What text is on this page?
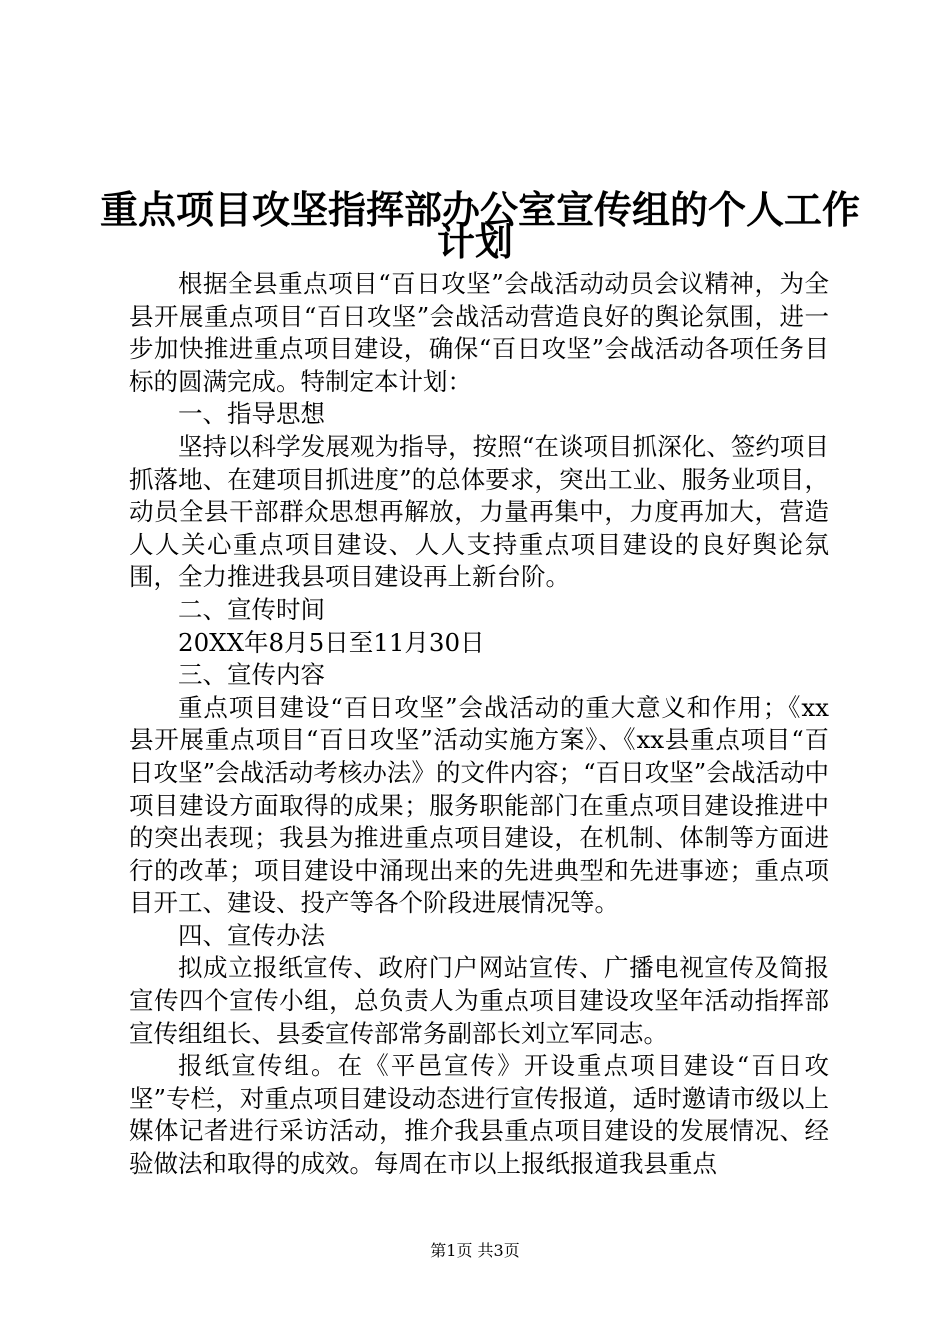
重点项目攻坚指挥部办公室宣传组的个人工作
计划

根据全县重点项目“百日攻坚”会战活动动员会议精神，为全县开展重点项目“百日攻坚”会战活动营造良好的舆论氛围，进一步加快推进重点项目建设，确保“百日攻坚”会战活动各项任务目标的圆满完成。特制定本计划：

一、指导思想

坚持以科学发展观为指导，按照“在谈项目抓深化、签约项目抓落地、在建项目抓进度”的总体要求，突出工业、服务业项目，动员全县干部群众思想再解放，力量再集中，力度再加大，营造人人关心重点项目建设、人人支持重点项目建设的良好舆论氛围，全力推进我县项目建设再上新台阶。

二、宣传时间

20XX年8月5日至11月30日

三、宣传内容

重点项目建设“百日攻坚”会战活动的重大意义和作用；《xx县开展重点项目“百日攻坚”活动实施方案》、《xx县重点项目“百日攻坚”会战活动考核办法》的文件内容；“百日攻坚”会战活动中项目建设方面取得的成果；服务职能部门在重点项目建设推进中的突出表现；我县为推进重点项目建设，在机制、体制等方面进行的改革；项目建设中涌现出来的先进典型和先进事迹；重点项目开工、建设、投产等各个阶段进展情况等。

四、宣传办法

拟成立报纸宣传、政府门户网站宣传、广播电视宣传及简报宣传四个宣传小组，总负责人为重点项目建设攻坚年活动指挥部宣传组组长、县委宣传部常务副部长刘立军同志。

报纸宣传组。在《平邑宣传》开设重点项目建设“百日攻坚”专栏，对重点项目建设动态进行宣传报道，适时邀请市级以上媒体记者进行采访活动，推介我县重点项目建设的发展情况、经验做法和取得的成效。每周在市以上报纸报道我县重点

第1页 共3页
